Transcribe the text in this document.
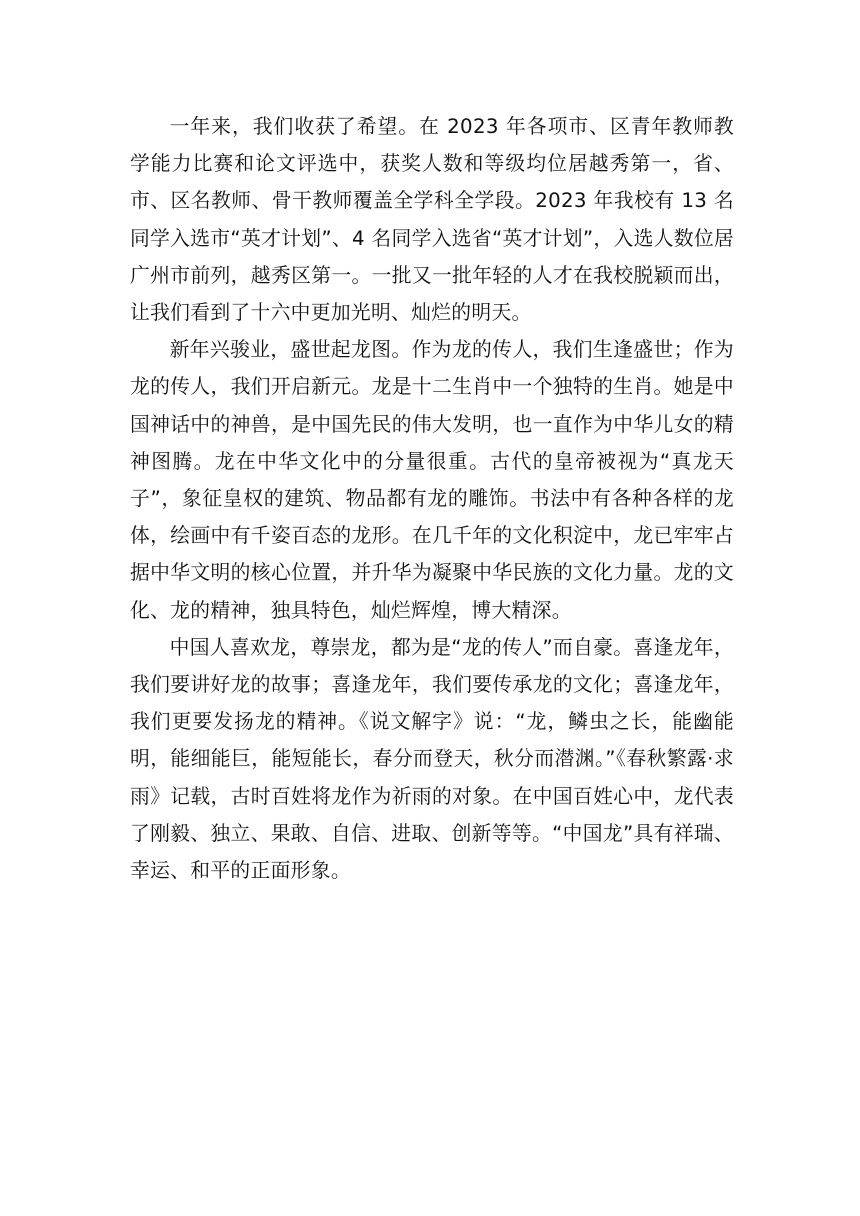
一年来，我们收获了希望。在 2023 年各项市、区青年教师教学能力比赛和论文评选中，获奖人数和等级均位居越秀第一，省、市、区名教师、骨干教师覆盖全学科全学段。2023 年我校有 13 名同学入选市“英才计划”、4 名同学入选省“英才计划”，入选人数位居广州市前列，越秀区第一。一批又一批年轻的人才在我校脱颖而出，让我们看到了十六中更加光明、灿烂的明天。

新年兴骏业，盛世起龙图。作为龙的传人，我们生逢盛世；作为龙的传人，我们开启新元。龙是十二生肖中一个独特的生肖。她是中国神话中的神兽，是中国先民的伟大发明，也一直作为中华儿女的精神图腾。龙在中华文化中的分量很重。古代的皇帝被视为“真龙天子”，象征皇权的建筑、物品都有龙的雕饰。书法中有各种各样的龙体，绘画中有千姿百态的龙形。在几千年的文化积淀中，龙已牢牢占据中华文明的核心位置，并升华为凝聚中华民族的文化力量。龙的文化、龙的精神，独具特色，灿烂辉煌，博大精深。

中国人喜欢龙，尊崇龙，都为是“龙的传人”而自豪。喜逢龙年，我们要讲好龙的故事；喜逢龙年，我们要传承龙的文化；喜逢龙年，我们更要发扬龙的精神。《说文解字》说：“龙，鳞虫之长，能幽能明，能细能巨，能短能长，春分而登天，秋分而潜渊。”《春秋繁露·求雨》记载，古时百姓将龙作为祈雨的对象。在中国百姓心中，龙代表了刚毅、独立、果敢、自信、进取、创新等等。“中国龙”具有祥瑞、幸运、和平的正面形象。
